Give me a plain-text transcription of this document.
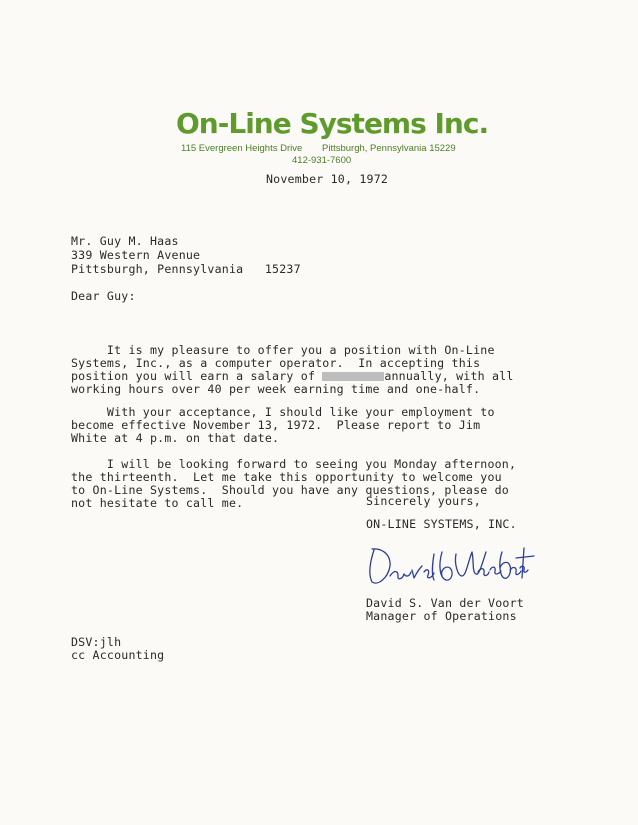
On-Line Systems Inc.
115 Evergreen Heights Drive Pittsburgh, Pennsylvania 15229
412-931-7600
November 10, 1972
Mr. Guy M. Haas
339 Western Avenue
Pittsburgh, Pennsylvania   15237
Dear Guy:

It is my pleasure to offer you a position with On-Line
Systems, Inc., as a computer operator.  In accepting this
position you will earn a salary of	annually, with all
working hours over 40 per week earning time and one-half.

With your acceptance, I should like your employment to
become effective November 13, 1972.  Please report to Jim
White at 4 p.m. on that date.

I will be looking forward to seeing you Monday afternoon,
the thirteenth.  Let me take this opportunity to welcome you
to On-Line Systems.  Should you have any questions, please do
not hesitate to call me.

	Sincerely yours,
ON-LINE SYSTEMS, INC.
David S. Van der Voort
Manager of Operations
DSV:jlh
cc Accounting
